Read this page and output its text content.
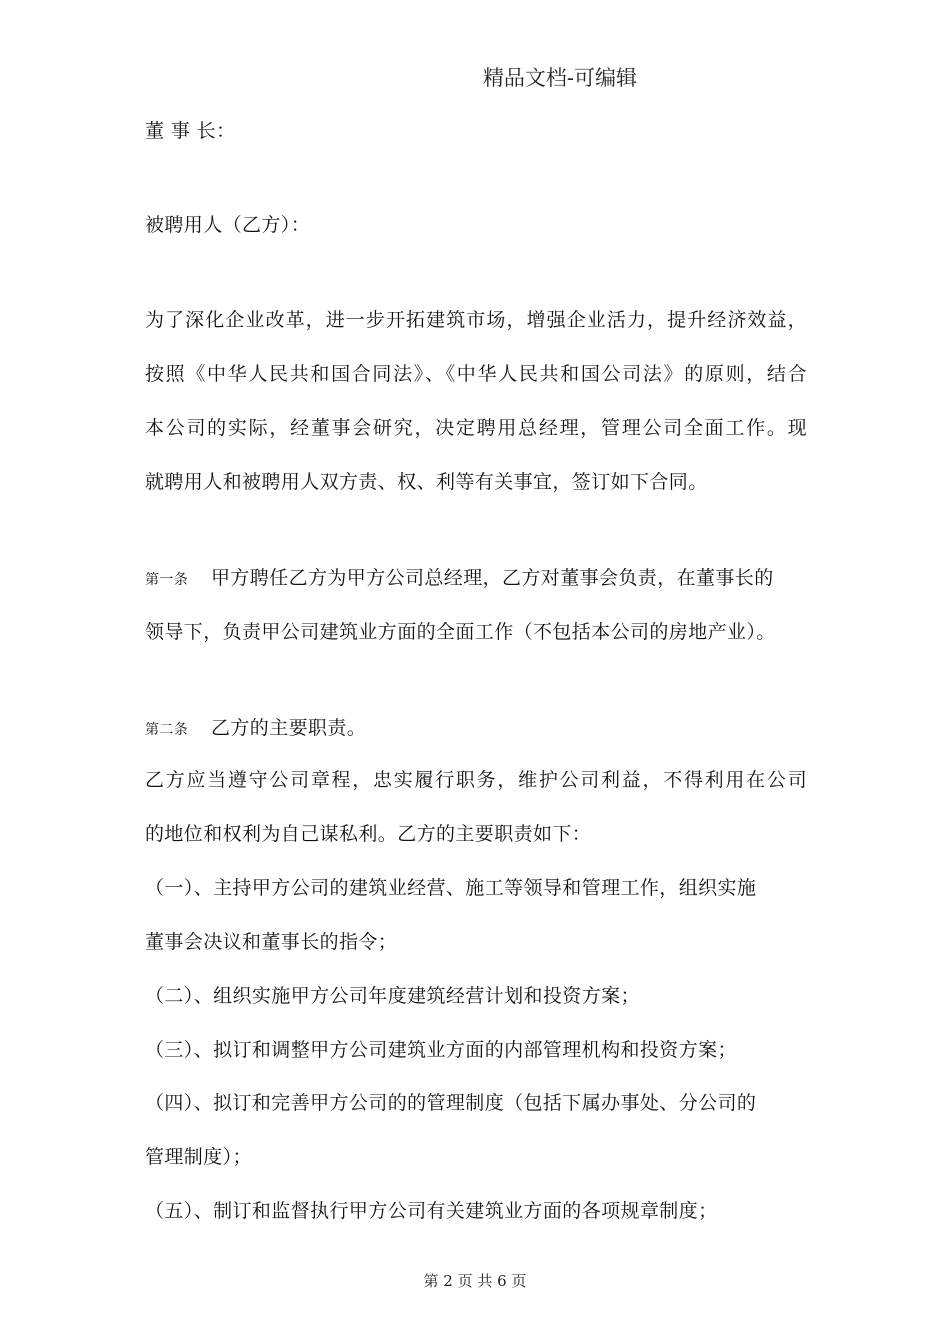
精品文档-可编辑
董 事 长：
被聘用人（乙方）：
为了深化企业改革，进一步开拓建筑市场，增强企业活力，提升经济效益，
按照《中华人民共和国合同法》、《中华人民共和国公司法》的原则，结合
本公司的实际，经董事会研究，决定聘用总经理，管理公司全面工作。现
就聘用人和被聘用人双方责、权、利等有关事宜，签订如下合同。
第一条 甲方聘任乙方为甲方公司总经理，乙方对董事会负责，在董事长的
领导下，负责甲公司建筑业方面的全面工作（不包括本公司的房地产业）。
第二条 乙方的主要职责。
乙方应当遵守公司章程，忠实履行职务，维护公司利益，不得利用在公司
的地位和权利为自己谋私利。乙方的主要职责如下：
（一）、主持甲方公司的建筑业经营、施工等领导和管理工作，组织实施
董事会决议和董事长的指令；
（二）、组织实施甲方公司年度建筑经营计划和投资方案；
（三）、拟订和调整甲方公司建筑业方面的内部管理机构和投资方案；
（四）、拟订和完善甲方公司的的管理制度（包括下属办事处、分公司的
管理制度）；
（五）、制订和监督执行甲方公司有关建筑业方面的各项规章制度；
第 2 页 共 6 页
